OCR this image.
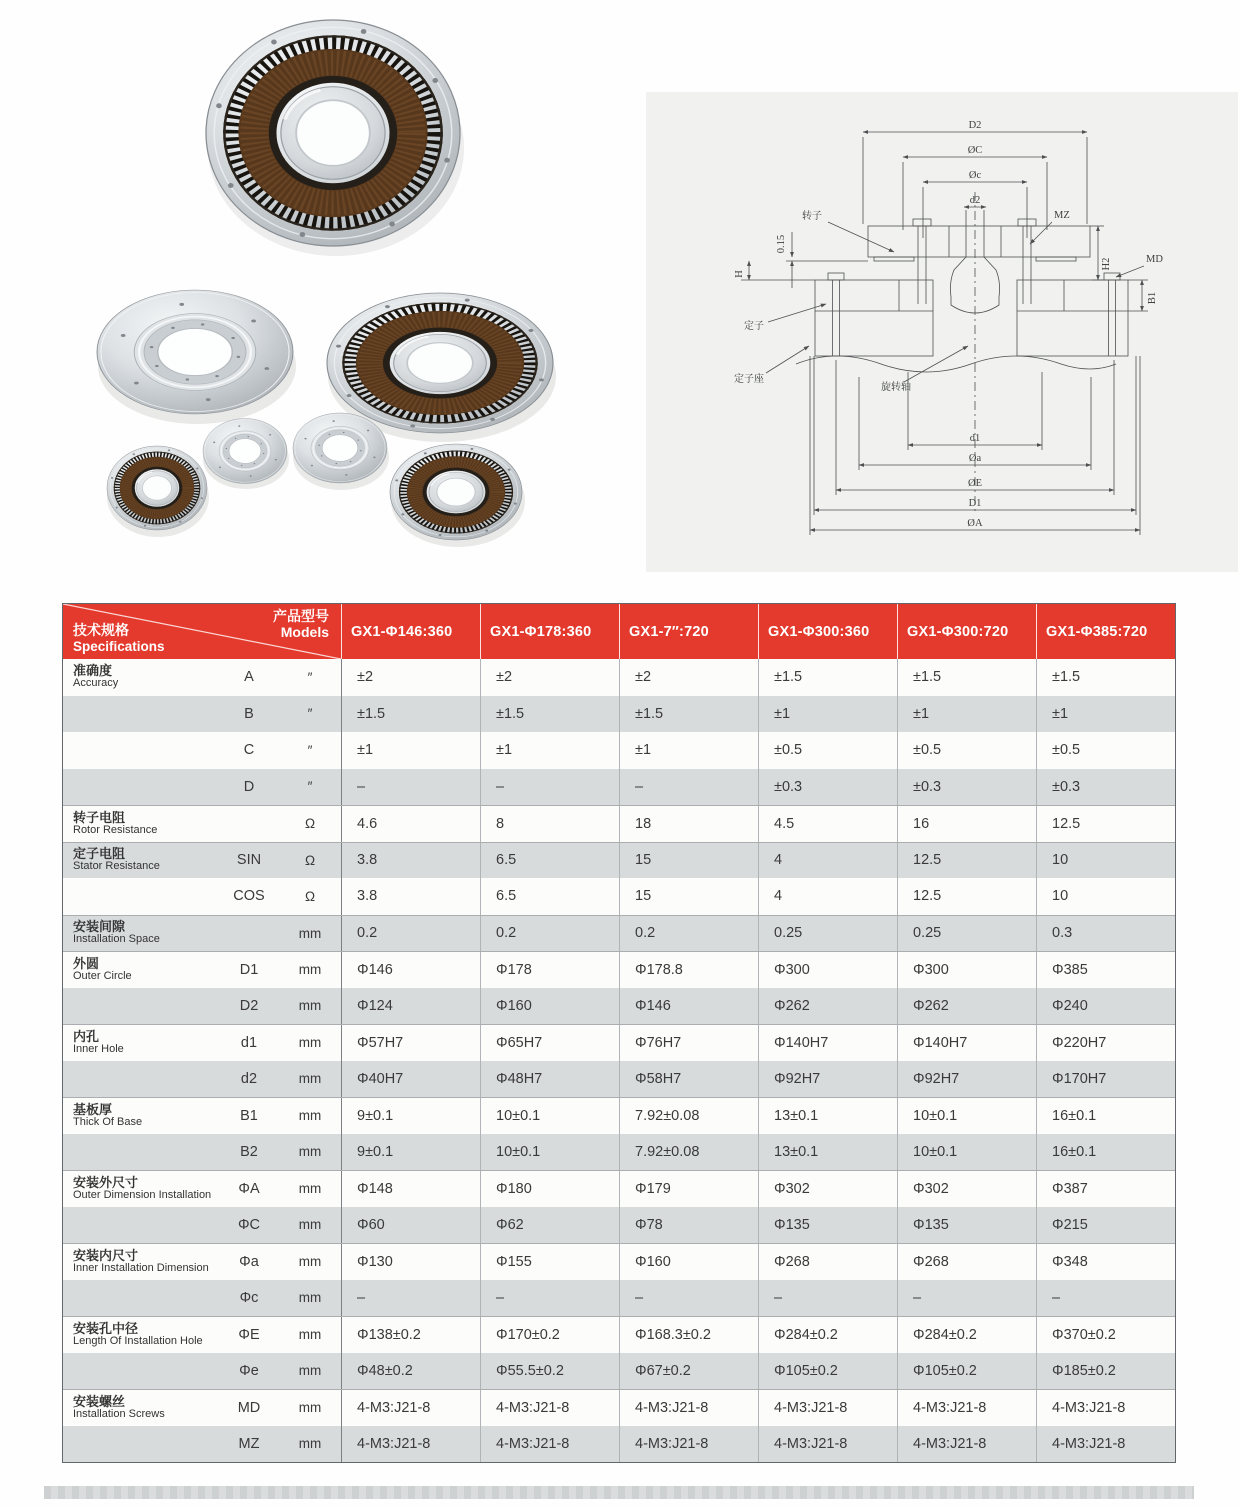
D2
ØC
Øc
d2
MZ
MD
H2
B1
0.15
H
转子
定子
定子座
旋转轴
d1
Øa
ØE
D1
ØA
技术规格
Specifications
产品型号
Models	GX1-Φ146:360	GX1-Φ178:360	GX1-7″:720	GX1-Φ300:360	GX1-Φ300:720	GX1-Φ385:720
准确度
Accuracy	A	″	±2	±2	±2	±1.5	±1.5	±1.5
B	″	±1.5	±1.5	±1.5	±1	±1	±1
C	″	±1	±1	±1	±0.5	±0.5	±0.5
D	″	–	–	–	±0.3	±0.3	±0.3
转子电阻
Rotor Resistance	Ω	4.6	8	18	4.5	16	12.5
定子电阻
Stator Resistance	SIN	Ω	3.8	6.5	15	4	12.5	10
COS	Ω	3.8	6.5	15	4	12.5	10
安装间隙
Installation Space	mm	0.2	0.2	0.2	0.25	0.25	0.3
外圆
Outer Circle	D1	mm	Φ146	Φ178	Φ178.8	Φ300	Φ300	Φ385
D2	mm	Φ124	Φ160	Φ146	Φ262	Φ262	Φ240
内孔
Inner Hole	d1	mm	Φ57H7	Φ65H7	Φ76H7	Φ140H7	Φ140H7	Φ220H7
d2	mm	Φ40H7	Φ48H7	Φ58H7	Φ92H7	Φ92H7	Φ170H7
基板厚
Thick Of Base	B1	mm	9±0.1	10±0.1	7.92±0.08	13±0.1	10±0.1	16±0.1
B2	mm	9±0.1	10±0.1	7.92±0.08	13±0.1	10±0.1	16±0.1
安装外尺寸
Outer Dimension Installation	ΦA	mm	Φ148	Φ180	Φ179	Φ302	Φ302	Φ387
ΦC	mm	Φ60	Φ62	Φ78	Φ135	Φ135	Φ215
安装内尺寸
Inner Installation Dimension	Φa	mm	Φ130	Φ155	Φ160	Φ268	Φ268	Φ348
Φc	mm	–	–	–	–	–	–
安装孔中径
Length Of Installation Hole	ΦE	mm	Φ138±0.2	Φ170±0.2	Φ168.3±0.2	Φ284±0.2	Φ284±0.2	Φ370±0.2
Φe	mm	Φ48±0.2	Φ55.5±0.2	Φ67±0.2	Φ105±0.2	Φ105±0.2	Φ185±0.2
安装螺丝
Installation Screws	MD	mm	4-M3:J21-8	4-M3:J21-8	4-M3:J21-8	4-M3:J21-8	4-M3:J21-8	4-M3:J21-8
MZ	mm	4-M3:J21-8	4-M3:J21-8	4-M3:J21-8	4-M3:J21-8	4-M3:J21-8	4-M3:J21-8
